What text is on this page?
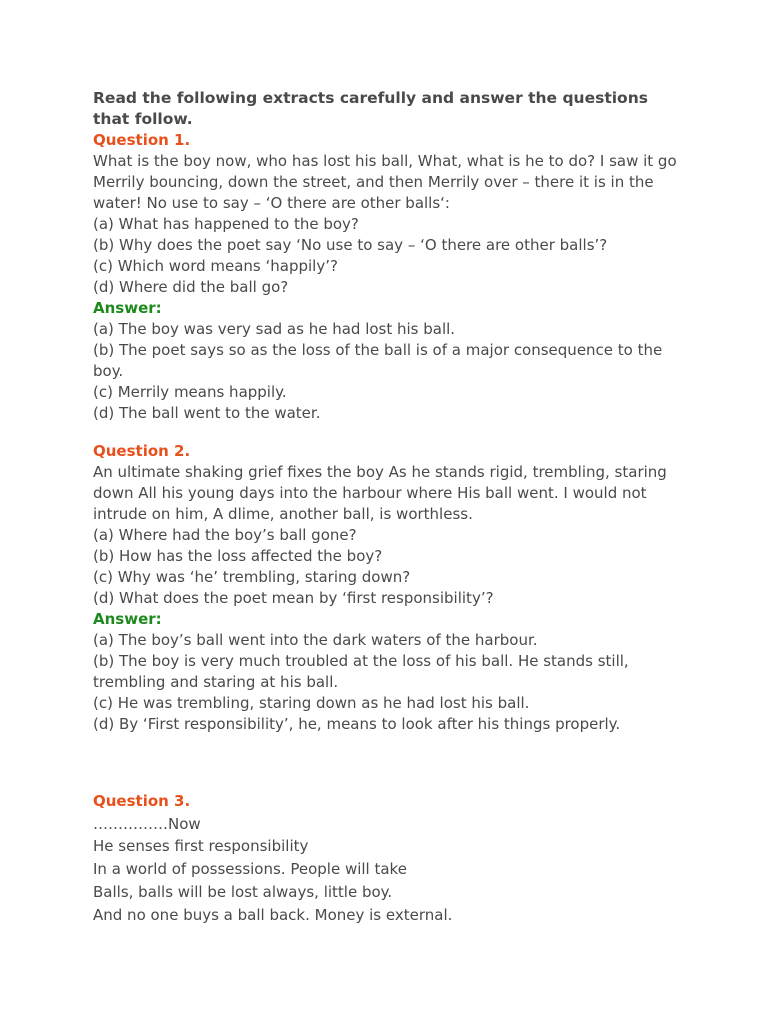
Read the following extracts carefully and answer the questions that follow.
Question 1.
What is the boy now, who has lost his ball, What, what is he to do? I saw it go Merrily bouncing, down the street, and then Merrily over – there it is in the water! No use to say – ‘O there are other balls‘:
(a) What has happened to the boy?
(b) Why does the poet say ‘No use to say – ‘O there are other balls’?
(c) Which word means ‘happily’?
(d) Where did the ball go?
Answer:
(a) The boy was very sad as he had lost his ball.
(b) The poet says so as the loss of the ball is of a major consequence to the boy.
(c) Merrily means happily.
(d) The ball went to the water.
Question 2.
An ultimate shaking grief fixes the boy As he stands rigid, trembling, staring down All his young days into the harbour where His ball went. I would not intrude on him, A dlime, another ball, is worthless.
(a) Where had the boy’s ball gone?
(b) How has the loss affected the boy?
(c) Why was ‘he’ trembling, staring down?
(d) What does the poet mean by ‘first responsibility’?
Answer:
(a) The boy’s ball went into the dark waters of the harbour.
(b) The boy is very much troubled at the loss of his ball. He stands still, trembling and staring at his ball.
(c) He was trembling, staring down as he had lost his ball.
(d) By ‘First responsibility’, he, means to look after his things properly.
Question 3.
……………Now
He senses first responsibility
In a world of possessions. People will take
Balls, balls will be lost always, little boy.
And no one buys a ball back. Money is external.
